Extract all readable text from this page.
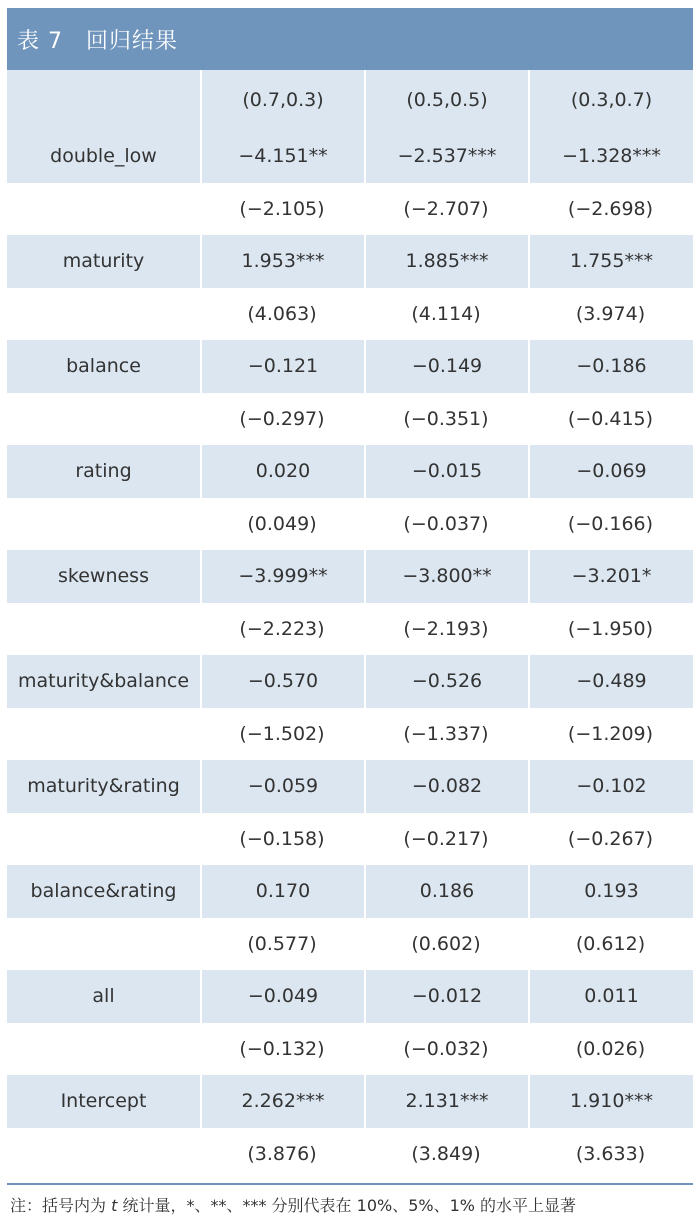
表 7　回归结果
	(0.7,0.3)	(0.5,0.5)	(0.3,0.7)
double_low	−4.151**	−2.537***	−1.328***
	(−2.105)	(−2.707)	(−2.698)
maturity	1.953***	1.885***	1.755***
	(4.063)	(4.114)	(3.974)
balance	−0.121	−0.149	−0.186
	(−0.297)	(−0.351)	(−0.415)
rating	0.020	−0.015	−0.069
	(0.049)	(−0.037)	(−0.166)
skewness	−3.999**	−3.800**	−3.201*
	(−2.223)	(−2.193)	(−1.950)
maturity&balance	−0.570	−0.526	−0.489
	(−1.502)	(−1.337)	(−1.209)
maturity&rating	−0.059	−0.082	−0.102
	(−0.158)	(−0.217)	(−0.267)
balance&rating	0.170	0.186	0.193
	(0.577)	(0.602)	(0.612)
all	−0.049	−0.012	0.011
	(−0.132)	(−0.032)	(0.026)
Intercept	2.262***	2.131***	1.910***
	(3.876)	(3.849)	(3.633)
注：括号内为 t 统计量，*、**、*** 分别代表在 10%、5%、1% 的水平上显著
